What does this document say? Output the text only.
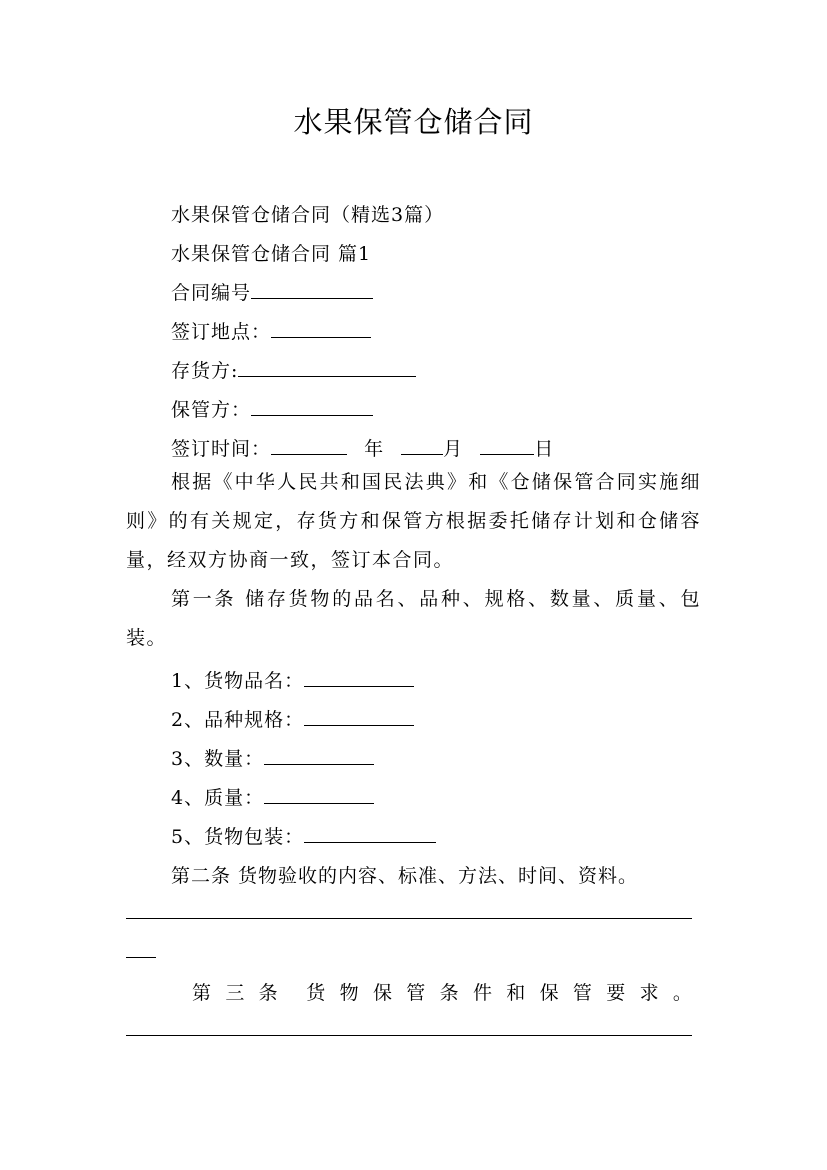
水果保管仓储合同
水果保管仓储合同（精选3篇）
水果保管仓储合同 篇1
合同编号
签订地点：
存货方:
保管方：
签订时间：	年	月	日
根据《中华人民共和国民法典》和《仓储保管合同实施细则》的有关规定，存货方和保管方根据委托储存计划和仓储容量，经双方协商一致，签订本合同。
第一条 储存货物的品名、品种、规格、数量、质量、包装。
1、货物品名：
2、品种规格：
3、数量：
4、质量：
5、货物包装：
第二条 货物验收的内容、标准、方法、时间、资料。
第 三 条 货 物 保 管 条 件 和 保 管 要 求 。
